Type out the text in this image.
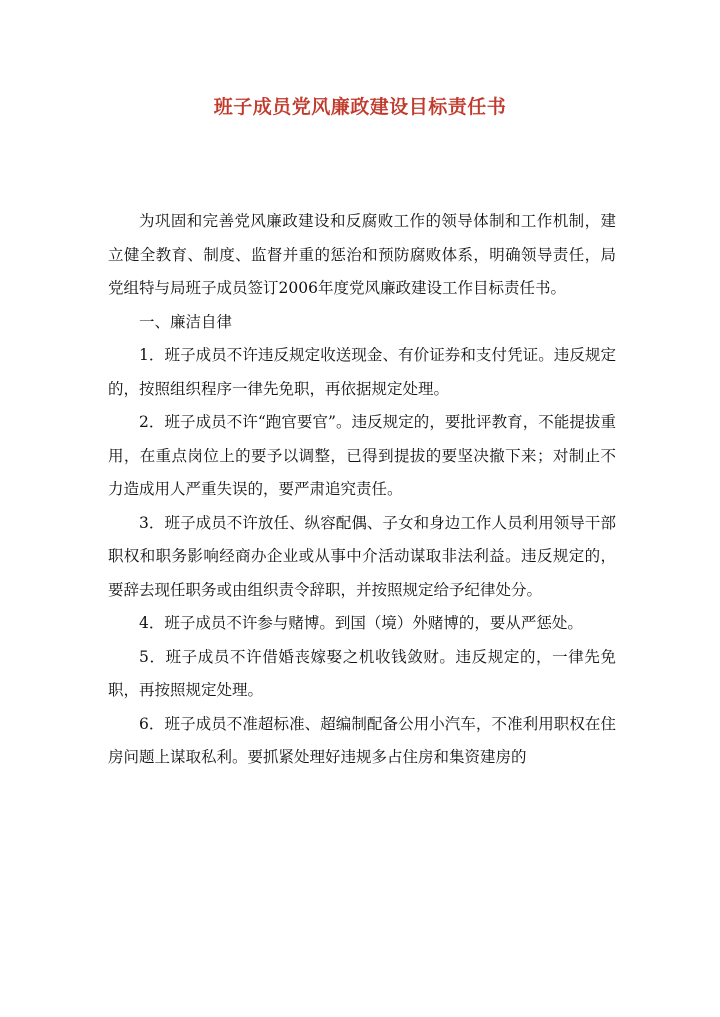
班子成员党风廉政建设目标责任书

为巩固和完善党风廉政建设和反腐败工作的领导体制和工作机制，建立健全教育、制度、监督并重的惩治和预防腐败体系，明确领导责任，局党组特与局班子成员签订2006年度党风廉政建设工作目标责任书。

一、廉洁自律

1．班子成员不许违反规定收送现金、有价证券和支付凭证。违反规定的，按照组织程序一律先免职，再依据规定处理。

2．班子成员不许“跑官要官”。违反规定的，要批评教育，不能提拔重用，在重点岗位上的要予以调整，已得到提拔的要坚决撤下来；对制止不力造成用人严重失误的，要严肃追究责任。

3．班子成员不许放任、纵容配偶、子女和身边工作人员利用领导干部职权和职务影响经商办企业或从事中介活动谋取非法利益。违反规定的，要辞去现任职务或由组织责令辞职，并按照规定给予纪律处分。

4．班子成员不许参与赌博。到国（境）外赌博的，要从严惩处。

5．班子成员不许借婚丧嫁娶之机收钱敛财。违反规定的，一律先免职，再按照规定处理。

6．班子成员不准超标准、超编制配备公用小汽车，不准利用职权在住房问题上谋取私利。要抓紧处理好违规多占住房和集资建房的
